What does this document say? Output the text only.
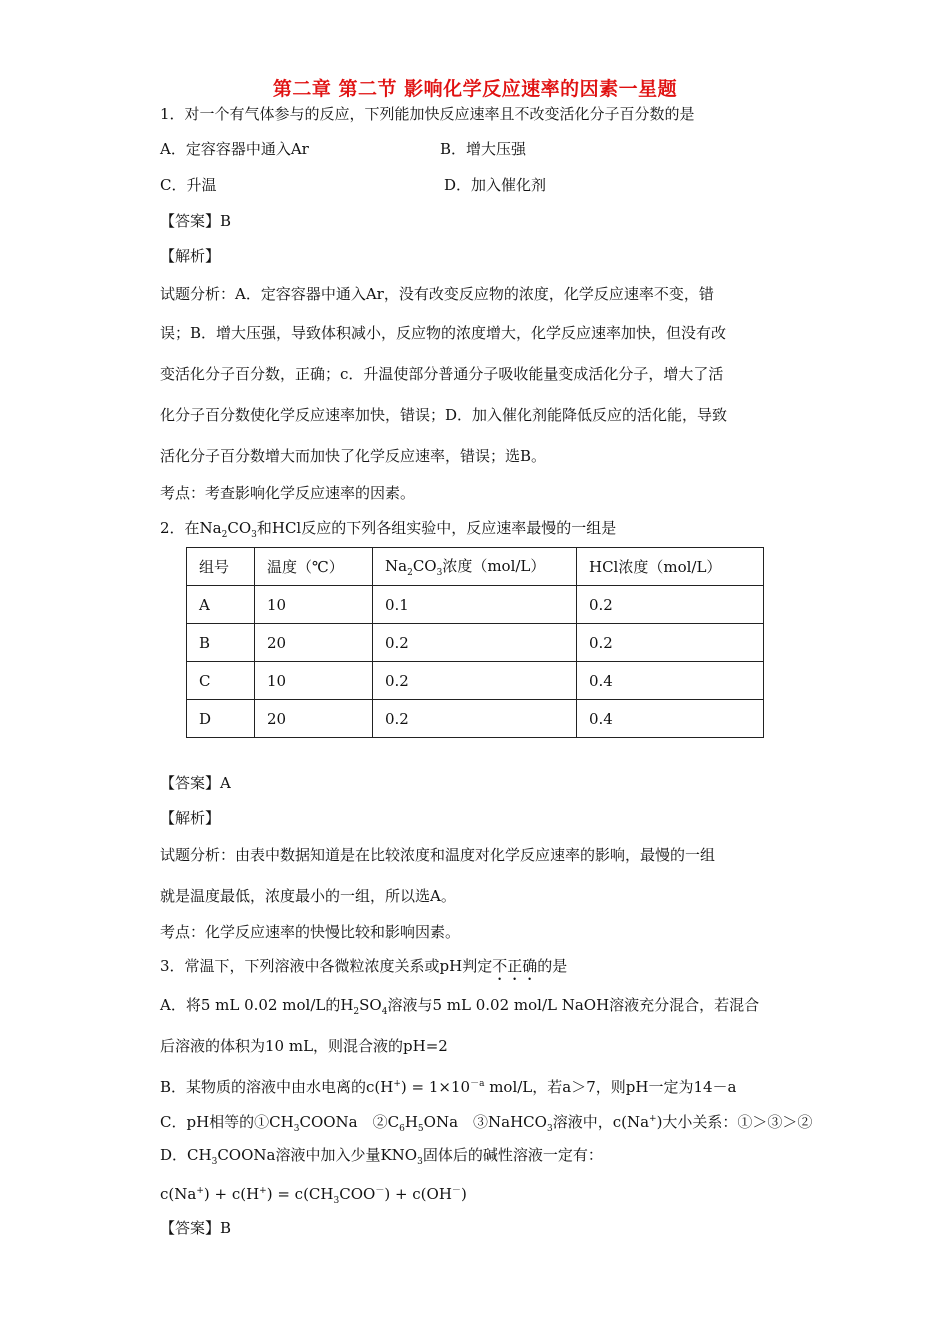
第二章 第二节 影响化学反应速率的因素一星题
1．对一个有气体参与的反应，下列能加快反应速率且不改变活化分子百分数的是
A．定容容器中通入Ar	B．增大压强
C．升温	D．加入催化剂
【答案】B
【解析】
试题分析：A．定容容器中通入Ar，没有改变反应物的浓度，化学反应速率不变，错
误；B．增大压强，导致体积减小，反应物的浓度增大，化学反应速率加快，但没有改
变活化分子百分数，正确；c．升温使部分普通分子吸收能量变成活化分子，增大了活
化分子百分数使化学反应速率加快，错误；D．加入催化剂能降低反应的活化能，导致
活化分子百分数增大而加快了化学反应速率，错误；选B。
考点：考查影响化学反应速率的因素。
2．在$Na_2CO_3$和HCl反应的下列各组实验中，反应速率最慢的一组是
组号	温度（℃）	$Na_2CO_3$浓度（mol/L）	HCl浓度（mol/L）
A	10	0.1	0.2
B	20	0.2	0.2
C	10	0.2	0.4
D	20	0.2	0.4
【答案】A
【解析】
试题分析：由表中数据知道是在比较浓度和温度对化学反应速率的影响，最慢的一组
就是温度最低，浓度最小的一组，所以选A。
考点：化学反应速率的快慢比较和影响因素。
3．常温下，下列溶液中各微粒浓度关系或pH判定不正确的是
A．将5 mL 0.02 mol/L的$H_2SO_4$溶液与5 mL 0.02 mol/L NaOH溶液充分混合，若混合
后溶液的体积为10 mL，则混合液的pH=2
B．某物质的溶液中由水电离的$c(H^+) = 1\times 10^{-a}$ mol/L，若a＞7，则pH一定为14－a
C．pH相等的$①CH_3COONa$　$②C_6H_5ONa$　③NaHCO$_3$溶液中，c(Na+)大小关系：①＞③＞②
D．$CH_3COONa$溶液中加入少量$KNO_3$固体后的碱性溶液一定有：
$c(Na^+) + c(H^+) = c(CH_3COO^-) + c(OH^-)$
【答案】B
